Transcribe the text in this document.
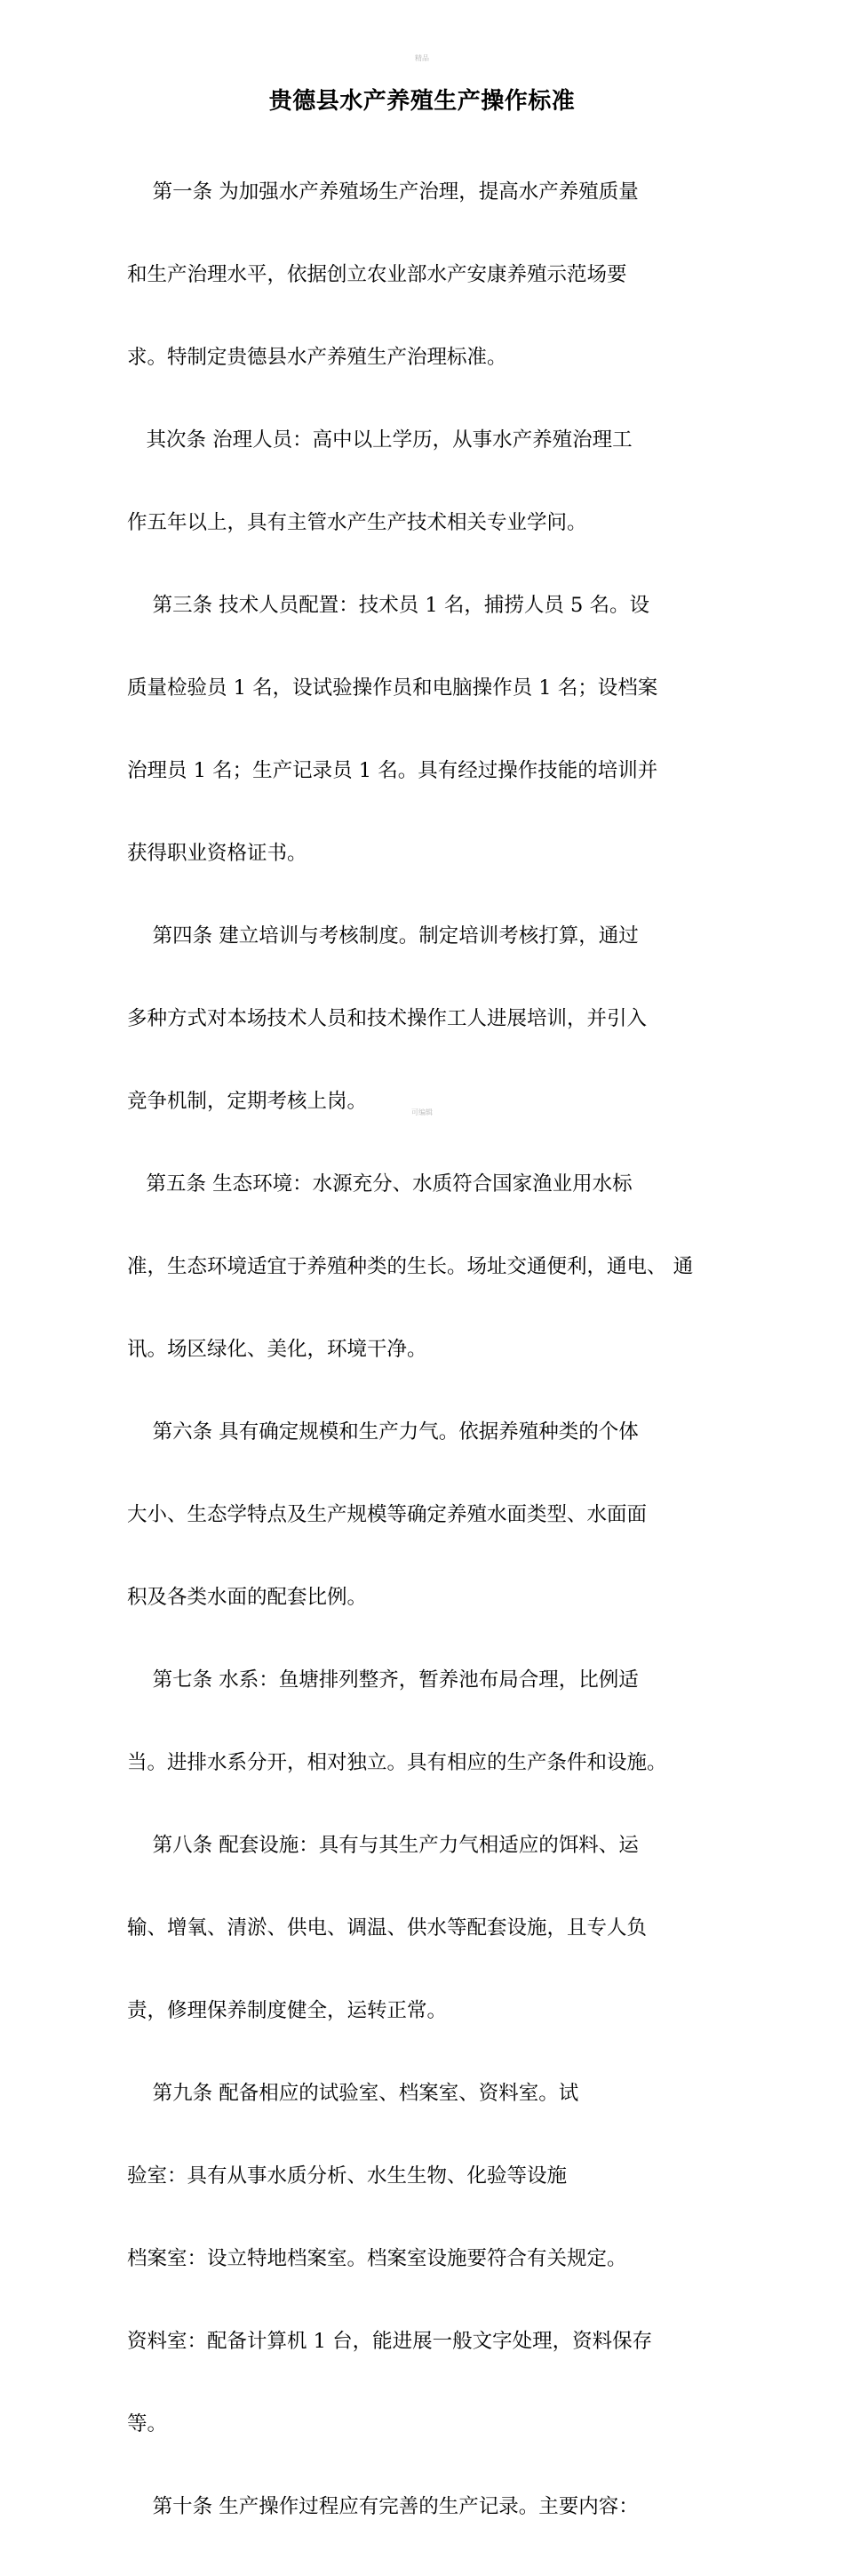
精品
贵德县水产养殖生产操作标准

第一条 为加强水产养殖场生产治理，提高水产养殖质量

和生产治理水平，依据创立农业部水产安康养殖示范场要

求。特制定贵德县水产养殖生产治理标准。

其次条 治理人员：高中以上学历，从事水产养殖治理工

作五年以上，具有主管水产生产技术相关专业学问。

第三条 技术人员配置：技术员 1 名，捕捞人员 5 名。设

质量检验员 1 名，设试验操作员和电脑操作员 1 名；设档案

治理员 1 名；生产记录员 1 名。具有经过操作技能的培训并

获得职业资格证书。

第四条 建立培训与考核制度。制定培训考核打算，通过

多种方式对本场技术人员和技术操作工人进展培训，并引入

竞争机制，定期考核上岗。

第五条 生态环境：水源充分、水质符合国家渔业用水标

准，生态环境适宜于养殖种类的生长。场址交通便利，通电、 通

讯。场区绿化、美化，环境干净。

第六条 具有确定规模和生产力气。依据养殖种类的个体

大小、生态学特点及生产规模等确定养殖水面类型、水面面

积及各类水面的配套比例。

第七条 水系：鱼塘排列整齐，暂养池布局合理，比例适

当。进排水系分开，相对独立。具有相应的生产条件和设施。

第八条 配套设施：具有与其生产力气相适应的饵料、运

输、增氧、清淤、供电、调温、供水等配套设施，且专人负

责，修理保养制度健全，运转正常。

第九条 配备相应的试验室、档案室、资料室。试

验室：具有从事水质分析、水生生物、化验等设施

档案室：设立特地档案室。档案室设施要符合有关规定。

资料室：配备计算机 1 台，能进展一般文字处理，资料保存

等。

第十条 生产操作过程应有完善的生产记录。主要内容：

可编辑
